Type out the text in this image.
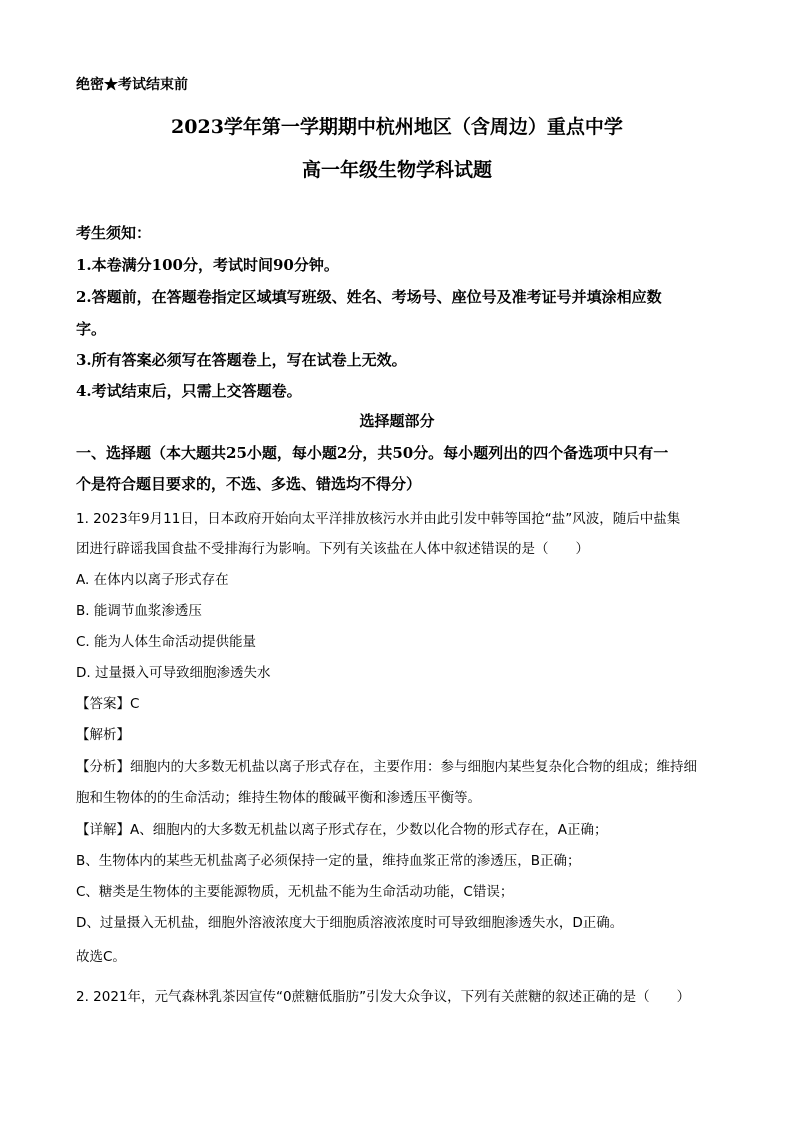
绝密★考试结束前
2023学年第一学期期中杭州地区（含周边）重点中学
高一年级生物学科试题
考生须知：
1.本卷满分100分，考试时间90分钟。
2.答题前，在答题卷指定区域填写班级、姓名、考场号、座位号及准考证号并填涂相应数
字。
3.所有答案必须写在答题卷上，写在试卷上无效。
4.考试结束后，只需上交答题卷。
选择题部分
一、选择题（本大题共25小题，每小题2分，共50分。每小题列出的四个备选项中只有一
个是符合题目要求的，不选、多选、错选均不得分）
1. 2023年9月11日，日本政府开始向太平洋排放核污水并由此引发中韩等国抢“盐”风波，随后中盐集
团进行辟谣我国食盐不受排海行为影响。下列有关该盐在人体中叙述错误的是（　　）
A. 在体内以离子形式存在
B. 能调节血浆渗透压
C. 能为人体生命活动提供能量
D. 过量摄入可导致细胞渗透失水
【答案】C
【解析】
【分析】细胞内的大多数无机盐以离子形式存在，主要作用：参与细胞内某些复杂化合物的组成；维持细
胞和生物体的的生命活动；维持生物体的酸碱平衡和渗透压平衡等。
【详解】A、细胞内的大多数无机盐以离子形式存在，少数以化合物的形式存在，A正确；
B、生物体内的某些无机盐离子必须保持一定的量，维持血浆正常的渗透压，B正确；
C、糖类是生物体的主要能源物质，无机盐不能为生命活动功能，C错误；
D、过量摄入无机盐，细胞外溶液浓度大于细胞质溶液浓度时可导致细胞渗透失水，D正确。
故选C。
2. 2021年，元气森林乳茶因宣传“0蔗糖低脂肪”引发大众争议，下列有关蔗糖的叙述正确的是（　　）
